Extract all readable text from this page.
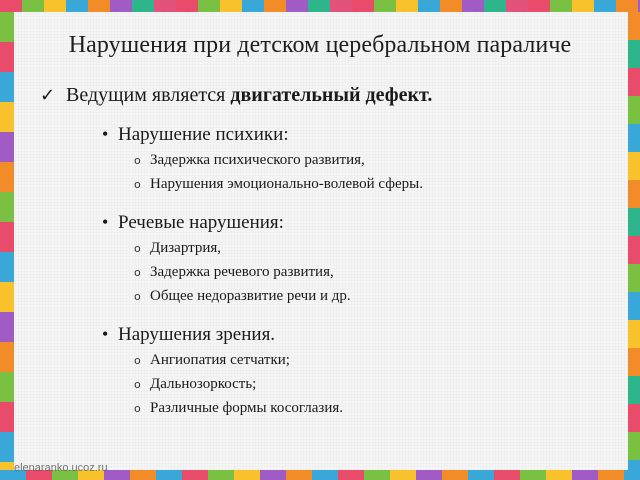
Нарушения при детском церебральном параличе
✓ Ведущим является двигательный дефект.
• Нарушение психики:
o Задержка психического развития,
o Нарушения эмоционально-волевой сферы.
• Речевые нарушения:
o Дизартрия,
o Задержка речевого развития,
o Общее недоразвитие речи и др.
• Нарушения зрения.
o Ангиопатия сетчатки;
o Дальнозоркость;
o Различные формы косоглазия.
elenaranko.ucoz.ru
